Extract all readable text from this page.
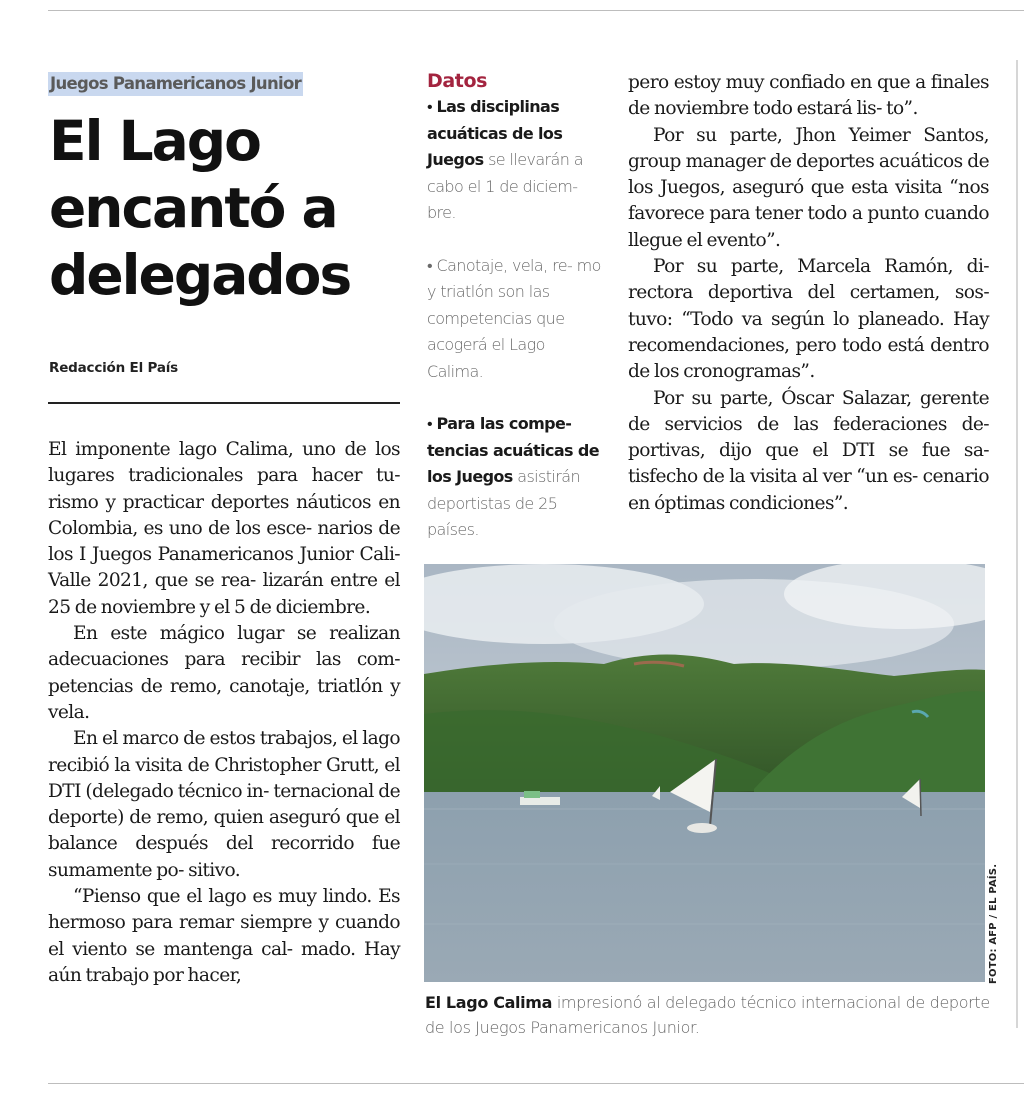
Juegos Panamericanos Junior
El Lago
encantó a
delegados
Redacción El País

El imponente lago Calima, uno de los lugares tradicionales para hacer tu- rismo y practicar deportes náuticos en Colombia, es uno de los esce- narios de los I Juegos Panamericanos Junior Cali-Valle 2021, que se rea- lizarán entre el 25 de noviembre y el 5 de diciembre.

En este mágico lugar se realizan adecuaciones para recibir las com- petencias de remo, canotaje, triatlón y vela.

En el marco de estos trabajos, el lago recibió la visita de Christopher Grutt, el DTI (delegado técnico in- ternacional de deporte) de remo, quien aseguró que el balance después del recorrido fue sumamente po- sitivo.

“Pienso que el lago es muy lindo. Es hermoso para remar siempre y cuando el viento se mantenga cal- mado. Hay aún trabajo por hacer,

Datos

• Las disciplinas acuáticas de los Juegos se llevarán a cabo el 1 de diciem- bre.

• Canotaje, vela, re- mo y triatlón son las competencias que acogerá el Lago Calima.

• Para las compe- tencias acuáticas de los Juegos asistirán deportistas de 25 países.

pero estoy muy confiado en que a finales de noviembre todo estará lis- to”.

Por su parte, Jhon Yeimer Santos, group manager de deportes acuáticos de los Juegos, aseguró que esta visita “nos favorece para tener todo a punto cuando llegue el evento”.

Por su parte, Marcela Ramón, di- rectora deportiva del certamen, sos- tuvo: “Todo va según lo planeado. Hay recomendaciones, pero todo está dentro de los cronogramas”.

Por su parte, Óscar Salazar, gerente de servicios de las federaciones de- portivas, dijo que el DTI se fue sa- tisfecho de la visita al ver “un es- cenario en óptimas condiciones”.

FOTO: AFP / EL PAÍS.
El Lago Calima impresionó al delegado técnico internacional de deporte de los Juegos Panamericanos Junior.
